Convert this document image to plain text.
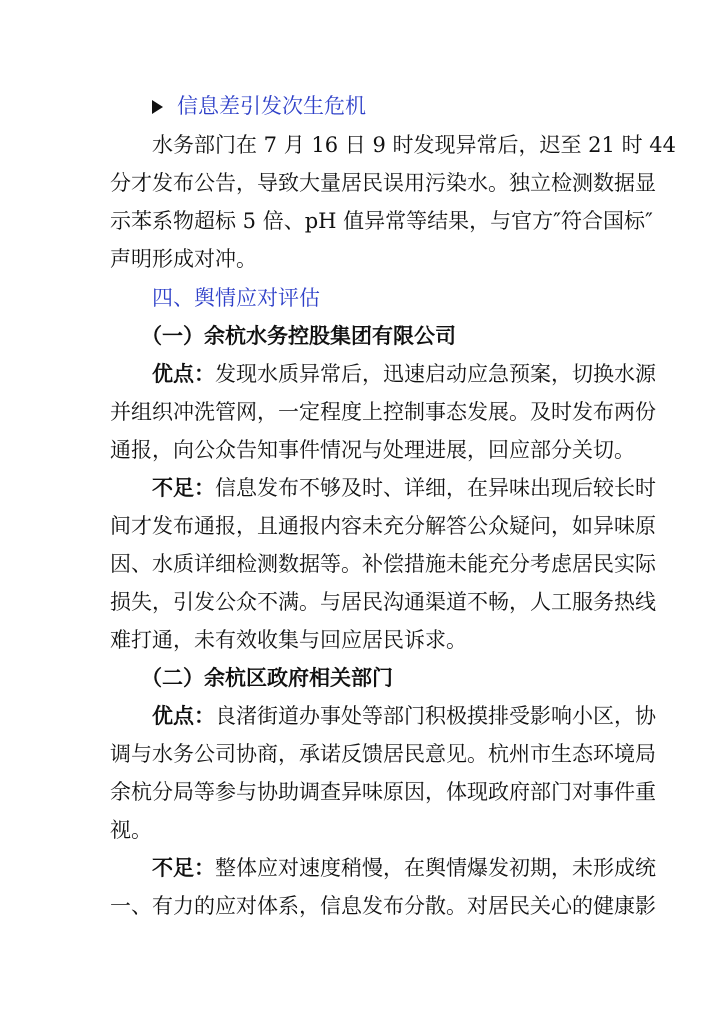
信息差引发次生危机
水务部门在 7 月 16 日 9 时发现异常后，迟至 21 时 44
分才发布公告，导致大量居民误用污染水。独立检测数据显
示苯系物超标 5 倍、pH 值异常等结果，与官方″符合国标″
声明形成对冲。
四、舆情应对评估
（一）余杭水务控股集团有限公司
优点：发现水质异常后，迅速启动应急预案，切换水源
并组织冲洗管网，一定程度上控制事态发展。及时发布两份
通报，向公众告知事件情况与处理进展，回应部分关切。
不足：信息发布不够及时、详细，在异味出现后较长时
间才发布通报，且通报内容未充分解答公众疑问，如异味原
因、水质详细检测数据等。补偿措施未能充分考虑居民实际
损失，引发公众不满。与居民沟通渠道不畅，人工服务热线
难打通，未有效收集与回应居民诉求。
（二）余杭区政府相关部门
优点：良渚街道办事处等部门积极摸排受影响小区，协
调与水务公司协商，承诺反馈居民意见。杭州市生态环境局
余杭分局等参与协助调查异味原因，体现政府部门对事件重
视。
不足：整体应对速度稍慢，在舆情爆发初期，未形成统
一、有力的应对体系，信息发布分散。对居民关心的健康影
